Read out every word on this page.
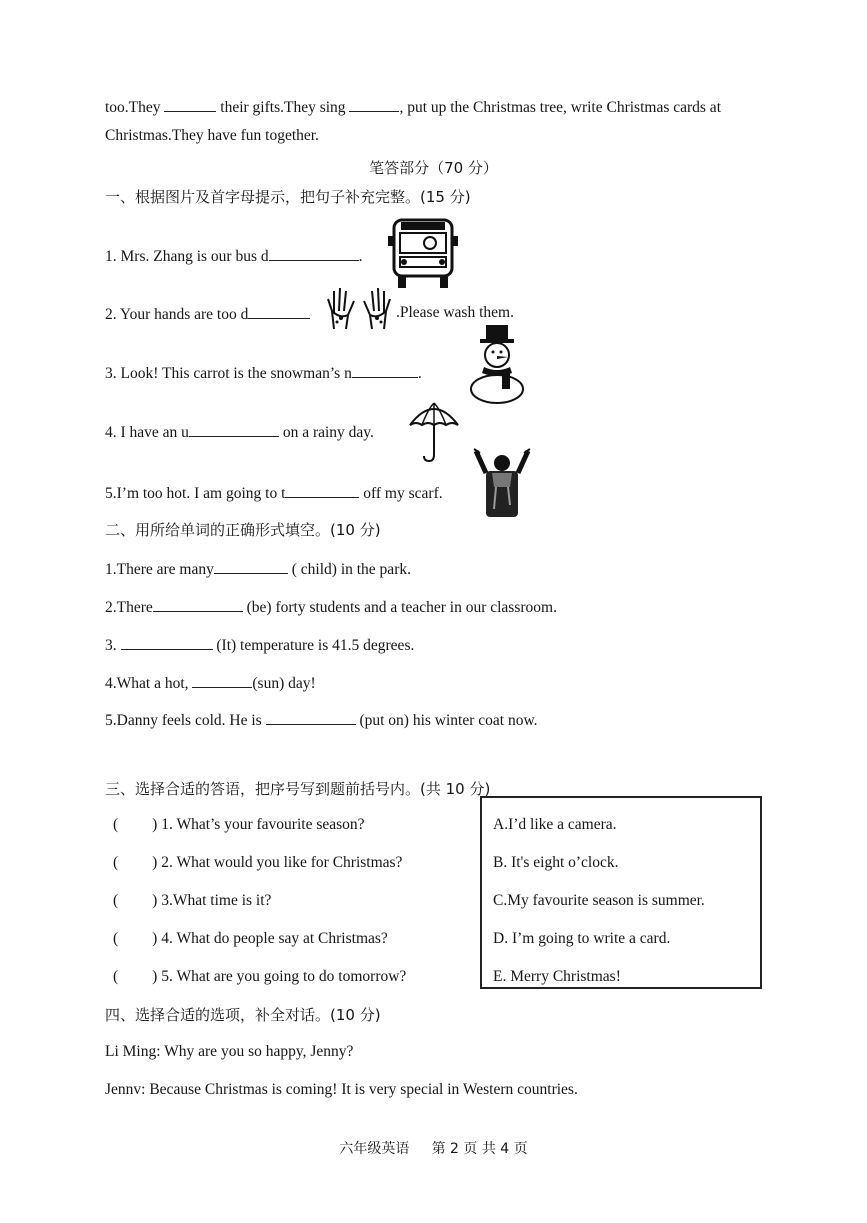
too.They	their gifts.They sing	, put up the Christmas tree, write Christmas cards at
Christmas.They have fun together.
笔答部分（70 分）
一、根据图片及首字母提示，把句子补充完整。(15 分)
1. Mrs. Zhang is our bus d	.
2. Your hands are too d	.Please wash them.
3. Look! This carrot is the snowman’s n	.
4. I have an u	on a rainy day.
5.I’m too hot. I am going to t	off my scarf.
二、用所给单词的正确形式填空。(10 分)
1.There are many	( child) in the park.
2.There	(be) forty students and a teacher in our classroom.
3.	(It) temperature is 41.5 degrees.
4.What a hot,	(sun) day!
5.Danny feels cold. He is	(put on) his winter coat now.
三、选择合适的答语，把序号写到题前括号内。(共 10 分)
( ) 1. What’s your favourite season?
( ) 2. What would you like for Christmas?
( ) 3.What time is it?
( ) 4. What do people say at Christmas?
( ) 5. What are you going to do tomorrow?
A.I’d like a camera.
B. It's eight o’clock.
C.My favourite season is summer.
D. I’m going to write a card.
E. Merry Christmas!
四、选择合适的选项，补全对话。(10 分)
Li Ming: Why are you so happy, Jenny?
Jennv: Because Christmas is coming! It is very special in Western countries.
六年级英语     第 2 页 共 4 页
